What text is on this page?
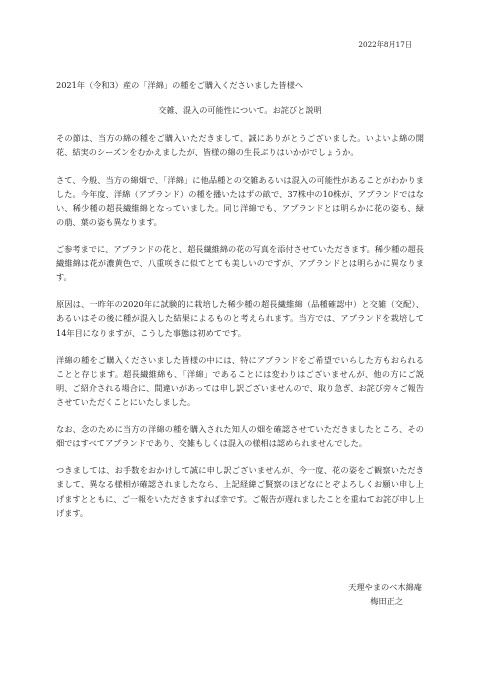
2022年8月17日
2021年（令和3）産の「洋綿」の種をご購入くださいました皆様へ
交雑、混入の可能性について。お詫びと説明

その節は、当方の綿の種をご購入いただきまして、誠にありがとうございました。いよいよ綿の開花、結実のシーズンをむかえましたが、皆様の綿の生長ぶりはいかがでしょうか。

さて、今般、当方の綿畑で、「洋綿」に他品種との交雑あるいは混入の可能性があることがわかりました。今年度、洋綿（アプランド）の種を播いたはずの畝で、37株中の10株が、アプランドではない、稀少種の超長繊維綿となっていました。同じ洋綿でも、アプランドとは明らかに花の姿も、緑の萠、葉の姿も異なります。

ご参考までに、アプランドの花と、超長繊維綿の花の写真を添付させていただきます。稀少種の超長繊維綿は花が濃黄色で、八重咲きに似てとても美しいのですが、アプランドとは明らかに異なります。

原因は、一昨年の2020年に試験的に栽培した稀少種の超長繊維綿（品種確認中）と交雑（交配）、あるいはその後に種が混入した結果によるものと考えられます。当方では、アプランドを栽培して14年目になりますが、こうした事態は初めてです。

洋綿の種をご購入くださいました皆様の中には、特にアプランドをご希望でいらした方もおられることと存じます。超長繊維綿も、「洋綿」であることには変わりはございませんが、他の方にご説明、ご紹介される場合に、間違いがあっては申し訳ございませんので、取り急ぎ、お詫び旁々ご報告させていただくことにいたしました。

なお、念のために当方の洋綿の種を購入された知人の畑を確認させていただきましたところ、その畑ではすべてアプランドであり、交雑もしくは混入の様相は認められませんでした。

つきましては、お手数をおかけして誠に申し訳ございませんが、今一度、花の姿をご観察いただきまして、異なる様相が確認されましたなら、上記経緯ご賢察のほどなにとぞよろしくお願い申し上げますとともに、ご一報をいただきますれば幸です。ご報告が遅れましたことを重ねてお詫び申し上げます。

天理やまのべ木綿庵
梅田正之
